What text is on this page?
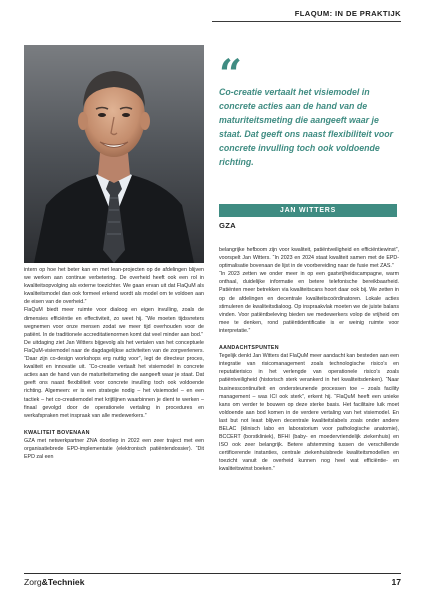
FLAQUM: IN DE PRAKTIJK
“
Co-creatie vertaalt het visiemodel in concrete acties aan de hand van de maturiteitsmeting die aangeeft waar je staat. Dat geeft ons naast flexibiliteit voor concrete invulling toch ook voldoende richting.
JAN WITTERS
GZA

intern op hoe het beter kan en met lean-projecten op de afdelingen blijven we werken aan continue verbetering. De overheid heeft ook een rol in kwaliteitsopvolging als externe toezichter. We gaan ervan uit dat FlaQuM als kwaliteitsmodel dan ook formeel erkend wordt als model om te voldoen aan de eisen van de overheid.”

FlaQuM biedt meer ruimte voor dialoog en eigen invulling, zoals de dimensies efficiëntie en effectiviteit, zo weet hij. “We moeten tijdsvreters wegnemen voor onze mensen zodat we meer tijd overhouden voor de patiënt. In de traditionele accreditatienormen komt dat veel minder aan bod.”

De uitdaging ziet Jan Witters bijgevolg als het vertalen van het conceptuele FlaQuM-visiemodel naar de dagdagelijkse activiteiten van de zorgverleners. “Daar zijn co-design workshops erg nuttig voor”, legt de directeur proces, kwaliteit en innovatie uit. “Co-creatie vertaalt het visiemodel in concrete acties aan de hand van de maturiteitsmeting die aangeeft waar je staat. Dat geeft ons naast flexibiliteit voor concrete invulling toch ook voldoende richting. Algemeen: er is een strategie nodig – het visiemodel – en een tactiek – het co-creatiemodel met krijtlijnen waarbinnen je dient te werken – finaal gevolgd door de operationele vertaling in procedures en werkafspraken met inspraak van alle medewerkers.”

KWALITEIT BOVENAAN

GZA met netwerkpartner ZNA doorliep in 2022 een zeer traject met een organisatiebrede EPD-implementatie (elektronisch patiëntendossier). “Dit EPD zal een

belangrijke hefboom zijn voor kwaliteit, patiëntveiligheid en efficiëntiewinst”, voorspelt Jan Witters. “In 2023 en 2024 staat kwaliteit samen met de EPD-optimalisatie bovenaan de lijst in de voorbereiding naar de fusie met ZAS.”

“In 2023 zetten we onder meer in op een gastvrijheidscampagne, warm onthaal, duidelijke informatie en betere telefonische bereikbaarheid. Patiënten meer betrekken via kwaliteitscans hoort daar ook bij. We zetten in op de afdelingen en decentrale kwaliteitscoördinatoren. Lokale acties stimuleren de kwaliteitsdialoog. Op inspraakvlak moeten we de juiste balans vinden. Voor patiëntbeleving bieden we medewerkers volop de vrijheid om mee te denken, rond patiëntidentificatie is er weinig ruimte voor interpretatie.”

AANDACHTSPUNTEN

Tegelijk denkt Jan Witters dat FlaQuM meer aandacht kan besteden aan een integratie van risicomanagement zoals technologische risico’s en reputatierisico in het verlengde van operationele risico’s zoals patiëntveiligheid (historisch sterk verankerd in het kwaliteitsdenken). “Naar businesscontinuïteit en ondersteunende processen toe – zoals facility management – was ICI ook sterk”, erkent hij. “FlaQuM heeft een unieke kans om verder te bouwen op deze sterke basis. Het facilitaire luik moet voldoende aan bod komen in de verdere vertaling van het visiemodel. En last but not least blijven decentrale kwaliteitslabels zoals onder andere BELAC (klinisch labo en laboratorium voor pathologische anatomie), BCCERT (borstkliniek), BFHI (baby- en moedervriendelijk ziekenhuis) en ISO ook zeer belangrijk. Betere afstemming tussen de verschillende certificerende instanties, centrale ziekenhuisbrede kwaliteitsmodellen en toezicht vanuit de overheid kunnen nog heel wat efficiëntie- en kwaliteitswinst boeken.”

Zorg&Techniek	17
